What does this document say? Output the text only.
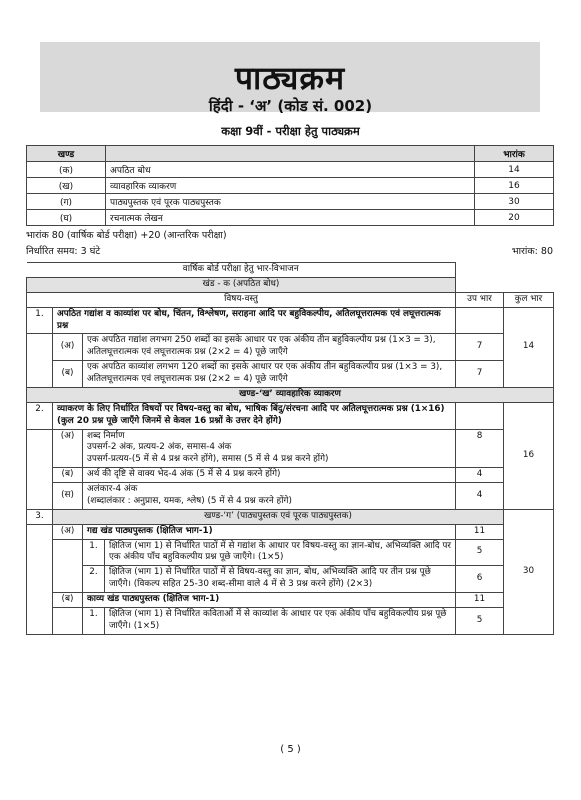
पाठ्यक्रम
हिंदी - ‘अ’ (कोड सं. 002)
कक्षा 9वीं - परीक्षा हेतु पाठ्यक्रम
खण्ड		भारांक
(क)	अपठित बोध	14
(ख)	व्यावहारिक व्याकरण	16
(ग)	पाठ्यपुस्तक एवं पूरक पाठ्यपुस्तक	30
(घ)	रचनात्मक लेखन	20
भारांक 80 (वार्षिक बोर्ड परीक्षा) +20 (आन्तरिक परीक्षा)
निर्धारित समय: 3 घंटे	भारांक: 80
वार्षिक बोर्ड परीक्षा हेतु भार-विभाजन					
खंड - क (अपठित बोध)					
विषय-वस्तु				उप भार	कुल भार
1.	अपठित गद्यांश व काव्यांश पर बोध, चिंतन, विश्लेषण, सराहना आदि पर बहुविकल्पीय, अतिलघूत्तरात्मक एवं लघूत्तरात्मक प्रश्न				14
	(अ)	एक अपठित गद्यांश लगभग 250 शब्दों का इसके आधार पर एक अंकीय तीन बहुविकल्पीय प्रश्न (1×3 = 3), अतिलघूत्तरात्मक एवं लघूत्तरात्मक प्रश्न (2×2 = 4) पूछे जाएँगे		7	
	(ब)	एक अपठित काव्यांश लगभग 120 शब्दों का इसके आधार पर एक अंकीय तीन बहुविकल्पीय प्रश्न (1×3 = 3), अतिलघूत्तरात्मक एवं लघूत्तरात्मक प्रश्न (2×2 = 4) पूछे जाएँगे		7	
खण्ड-‘ख’ व्यावहारिक व्याकरण					
2.	व्याकरण के लिए निर्धारित विषयों पर विषय-वस्तु का बोध, भाषिक बिंदु/संरचना आदि पर अतिलघूत्तरात्मक प्रश्न (1×16)
(कुल 20 प्रश्न पूछे जाएँगे जिनमें से केवल 16 प्रश्नों के उत्तर देने होंगे)				16
	(अ)	शब्द निर्माण
उपसर्ग-2 अंक, प्रत्यय-2 अंक, समास-4 अंक
उपसर्ग-प्रत्यय-(5 में से 4 प्रश्न करने होंगे), समास (5 में से 4 प्रश्न करने होंगे)		8	
	(ब)	अर्थ की दृष्टि से वाक्य भेद-4 अंक (5 में से 4 प्रश्न करने होंगे)		4	
	(स)	अलंकार-4 अंक
(शब्दालंकार : अनुप्रास, यमक, श्लेष) (5 में से 4 प्रश्न करने होंगे)		4	
3.	खण्ड-‘ग’ (पाठ्यपुस्तक एवं पूरक पाठ्यपुस्तक)				30
	(अ)	गद्य खंड पाठ्यपुस्तक (क्षितिज भाग-1)		11	
		1.	क्षितिज (भाग 1) से निर्धारित पाठों में से गद्यांश के आधार पर विषय-वस्तु का ज्ञान-बोध, अभिव्यक्ति आदि पर एक अंकीय पाँच बहुविकल्पीय प्रश्न पूछे जाएँगे। (1×5)	5	
		2.	क्षितिज (भाग 1) से निर्धारित पाठों में से विषय-वस्तु का ज्ञान, बोध, अभिव्यक्ति आदि पर तीन प्रश्न पूछे जाएँगे। (विकल्प सहित 25-30 शब्द-सीमा वाले 4 में से 3 प्रश्न करने होंगे) (2×3)	6	
	(ब)	काव्य खंड पाठ्यपुस्तक (क्षितिज भाग-1)		11	
		1.	क्षितिज (भाग 1) से निर्धारित कविताओं में से काव्यांश के आधार पर एक अंकीय पाँच बहुविकल्पीय प्रश्न पूछे जाएँगे। (1×5)	5	
( 5 )
